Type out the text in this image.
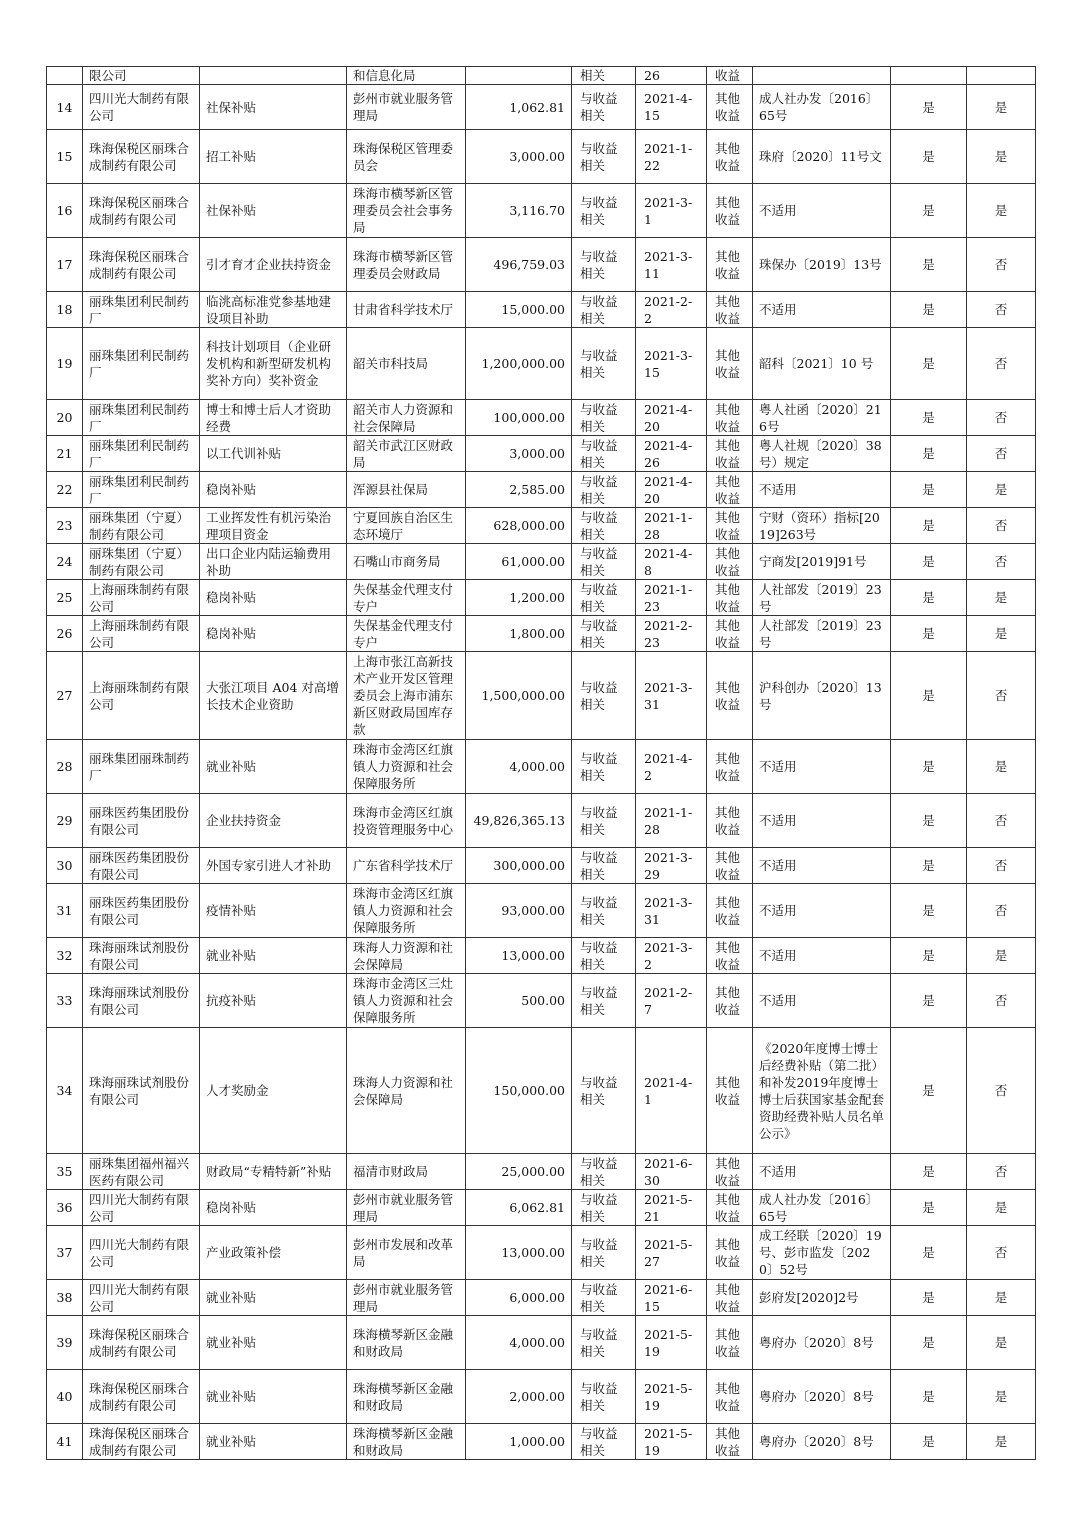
	限公司		和信息化局		相关	26	收益			
14	四川光大制药有限公司	社保补贴	彭州市就业服务管理局	1,062.81	与收益相关	2021-4-15	其他收益	成人社办发〔2016〕65号	是	是
15	珠海保税区丽珠合成制药有限公司	招工补贴	珠海保税区管理委员会	3,000.00	与收益相关	2021-1-22	其他收益	珠府〔2020〕11号文	是	是
16	珠海保税区丽珠合成制药有限公司	社保补贴	珠海市横琴新区管理委员会社会事务局	3,116.70	与收益相关	2021-3-1	其他收益	不适用	是	是
17	珠海保税区丽珠合成制药有限公司	引才育才企业扶持资金	珠海市横琴新区管理委员会财政局	496,759.03	与收益相关	2021-3-11	其他收益	珠保办〔2019〕13号	是	否
18	丽珠集团利民制药厂	临洮高标准党参基地建设项目补助	甘肃省科学技术厅	15,000.00	与收益相关	2021-2-2	其他收益	不适用	是	否
19	丽珠集团利民制药厂	科技计划项目（企业研发机构和新型研发机构奖补方向）奖补资金	韶关市科技局	1,200,000.00	与收益相关	2021-3-15	其他收益	韶科〔2021〕10 号	是	否
20	丽珠集团利民制药厂	博士和博士后人才资助经费	韶关市人力资源和社会保障局	100,000.00	与收益相关	2021-4-20	其他收益	粤人社函〔2020〕216号	是	否
21	丽珠集团利民制药厂	以工代训补贴	韶关市武江区财政局	3,000.00	与收益相关	2021-4-26	其他收益	粤人社规〔2020〕38号）规定	是	否
22	丽珠集团利民制药厂	稳岗补贴	浑源县社保局	2,585.00	与收益相关	2021-4-20	其他收益	不适用	是	是
23	丽珠集团（宁夏）制药有限公司	工业挥发性有机污染治理项目资金	宁夏回族自治区生态环境厅	628,000.00	与收益相关	2021-1-28	其他收益	宁财（资环）指标[2019]263号	是	否
24	丽珠集团（宁夏）制药有限公司	出口企业内陆运输费用补助	石嘴山市商务局	61,000.00	与收益相关	2021-4-8	其他收益	宁商发[2019]91号	是	否
25	上海丽珠制药有限公司	稳岗补贴	失保基金代理支付专户	1,200.00	与收益相关	2021-1-23	其他收益	人社部发〔2019〕23号	是	是
26	上海丽珠制药有限公司	稳岗补贴	失保基金代理支付专户	1,800.00	与收益相关	2021-2-23	其他收益	人社部发〔2019〕23号	是	是
27	上海丽珠制药有限公司	大张江项目 A04 对高增长技术企业资助	上海市张江高新技术产业开发区管理委员会上海市浦东新区财政局国库存款	1,500,000.00	与收益相关	2021-3-31	其他收益	沪科创办〔2020〕13号	是	否
28	丽珠集团丽珠制药厂	就业补贴	珠海市金湾区红旗镇人力资源和社会保障服务所	4,000.00	与收益相关	2021-4-2	其他收益	不适用	是	是
29	丽珠医药集团股份有限公司	企业扶持资金	珠海市金湾区红旗投资管理服务中心	49,826,365.13	与收益相关	2021-1-28	其他收益	不适用	是	否
30	丽珠医药集团股份有限公司	外国专家引进人才补助	广东省科学技术厅	300,000.00	与收益相关	2021-3-29	其他收益	不适用	是	否
31	丽珠医药集团股份有限公司	疫情补贴	珠海市金湾区红旗镇人力资源和社会保障服务所	93,000.00	与收益相关	2021-3-31	其他收益	不适用	是	否
32	珠海丽珠试剂股份有限公司	就业补贴	珠海人力资源和社会保障局	13,000.00	与收益相关	2021-3-2	其他收益	不适用	是	是
33	珠海丽珠试剂股份有限公司	抗疫补贴	珠海市金湾区三灶镇人力资源和社会保障服务所	500.00	与收益相关	2021-2-7	其他收益	不适用	是	否
34	珠海丽珠试剂股份有限公司	人才奖励金	珠海人力资源和社会保障局	150,000.00	与收益相关	2021-4-1	其他收益	《2020年度博士博士后经费补贴（第二批）和补发2019年度博士博士后获国家基金配套资助经费补贴人员名单公示》	是	否
35	丽珠集团福州福兴医药有限公司	财政局“专精特新”补贴	福清市财政局	25,000.00	与收益相关	2021-6-30	其他收益	不适用	是	否
36	四川光大制药有限公司	稳岗补贴	彭州市就业服务管理局	6,062.81	与收益相关	2021-5-21	其他收益	成人社办发〔2016〕65号	是	是
37	四川光大制药有限公司	产业政策补偿	彭州市发展和改革局	13,000.00	与收益相关	2021-5-27	其他收益	成工经联〔2020〕19号、彭市监发〔2020〕52号	是	否
38	四川光大制药有限公司	就业补贴	彭州市就业服务管理局	6,000.00	与收益相关	2021-6-15	其他收益	彭府发[2020]2号	是	是
39	珠海保税区丽珠合成制药有限公司	就业补贴	珠海横琴新区金融和财政局	4,000.00	与收益相关	2021-5-19	其他收益	粤府办〔2020〕8号	是	是
40	珠海保税区丽珠合成制药有限公司	就业补贴	珠海横琴新区金融和财政局	2,000.00	与收益相关	2021-5-19	其他收益	粤府办〔2020〕8号	是	是
41	珠海保税区丽珠合成制药有限公司	就业补贴	珠海横琴新区金融和财政局	1,000.00	与收益相关	2021-5-19	其他收益	粤府办〔2020〕8号	是	是
